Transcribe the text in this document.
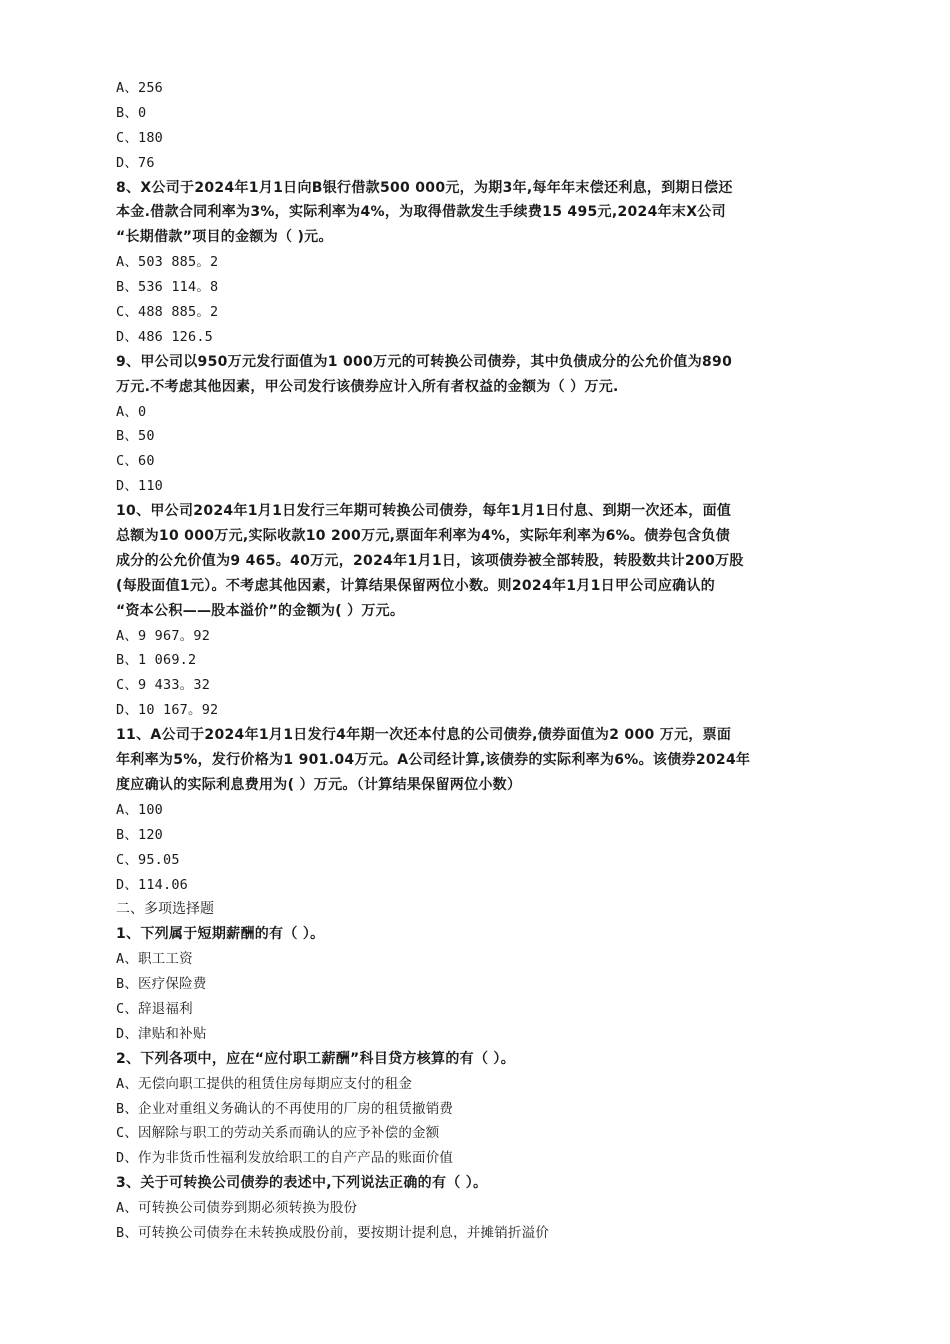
A、256
B、0
C、180
D、76
8、X公司于2024年1月1日向B银行借款500 000元，为期3年,每年年末偿还利息，到期日偿还
本金.借款合同利率为3%，实际利率为4%，为取得借款发生手续费15 495元,2024年末X公司
“长期借款”项目的金额为（ )元。
A、503 885。2
B、536 114。8
C、488 885。2
D、486 126.5
9、甲公司以950万元发行面值为1 000万元的可转换公司债券，其中负债成分的公允价值为890
万元.不考虑其他因素，甲公司发行该债券应计入所有者权益的金额为（ ）万元.
A、0
B、50
C、60
D、110
10、甲公司2024年1月1日发行三年期可转换公司债券，每年1月1日付息、到期一次还本，面值
总额为10 000万元,实际收款10 200万元,票面年利率为4%，实际年利率为6%。债券包含负债
成分的公允价值为9 465。40万元，2024年1月1日，该项债券被全部转股，转股数共计200万股
(每股面值1元）。不考虑其他因素，计算结果保留两位小数。则2024年1月1日甲公司应确认的
“资本公积——股本溢价”的金额为( ）万元。
A、9 967。92
B、1 069.2
C、9 433。32
D、10 167。92
11、A公司于2024年1月1日发行4年期一次还本付息的公司债券,债券面值为2 000 万元，票面
年利率为5%，发行价格为1 901.04万元。A公司经计算,该债券的实际利率为6%。该债券2024年
度应确认的实际利息费用为( ）万元。（计算结果保留两位小数）
A、100
B、120
C、95.05
D、114.06
二、多项选择题
1、下列属于短期薪酬的有（ ）。
A、职工工资
B、医疗保险费
C、辞退福利
D、津贴和补贴
2、下列各项中，应在“应付职工薪酬”科目贷方核算的有（ ）。
A、无偿向职工提供的租赁住房每期应支付的租金
B、企业对重组义务确认的不再使用的厂房的租赁撤销费
C、因解除与职工的劳动关系而确认的应予补偿的金额
D、作为非货币性福利发放给职工的自产产品的账面价值
3、关于可转换公司债券的表述中,下列说法正确的有（ ）。
A、可转换公司债券到期必须转换为股份
B、可转换公司债券在未转换成股份前，要按期计提利息，并摊销折溢价
